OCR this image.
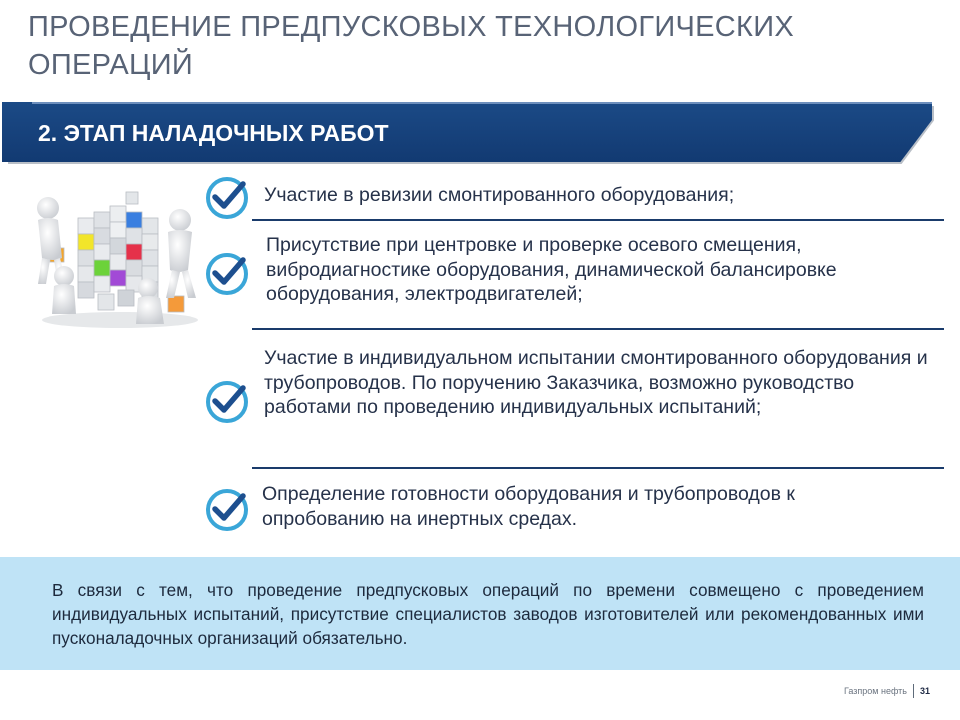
ПРОВЕДЕНИЕ ПРЕДПУСКОВЫХ ТЕХНОЛОГИЧЕСКИХ ОПЕРАЦИЙ
2. ЭТАП НАЛАДОЧНЫХ РАБОТ
Участие в ревизии смонтированного оборудования;
Присутствие при центровке и проверке осевого смещения, вибродиагностике оборудования, динамической балансировке оборудования, электродвигателей;
Участие в индивидуальном испытании смонтированного оборудования и трубопроводов. По поручению Заказчика, возможно руководство работами по проведению индивидуальных испытаний;
Определение готовности оборудования и трубопроводов к опробованию на инертных средах.
В связи с тем, что проведение предпусковых операций по времени совмещено с проведением индивидуальных испытаний, присутствие специалистов заводов изготовителей или рекомендованных ими пусконаладочных организаций обязательно.
Газпром нефть 31
